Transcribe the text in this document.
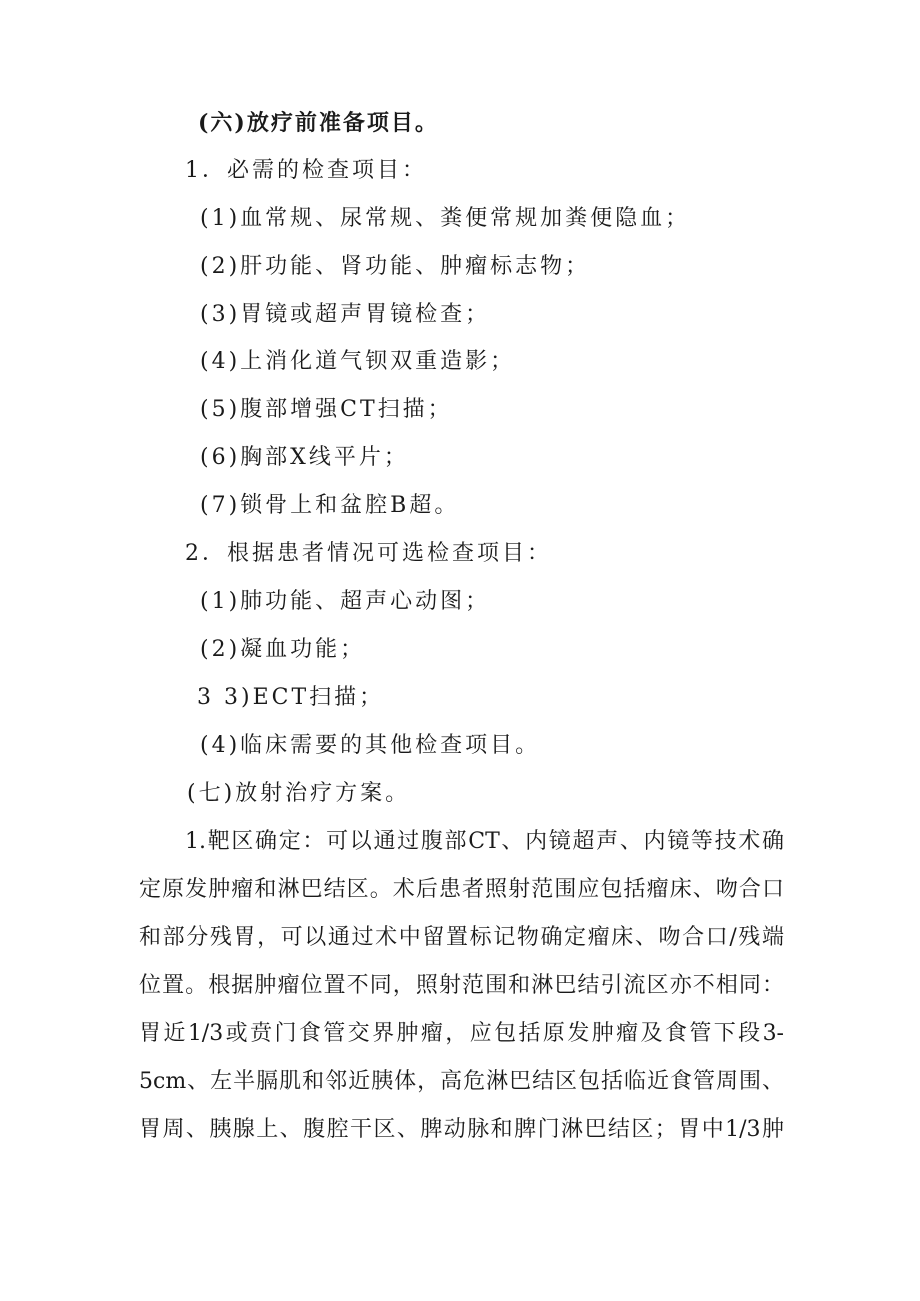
(六)放疗前准备项目。
1．必需的检查项目：
(1)血常规、尿常规、粪便常规加粪便隐血；
(2)肝功能、肾功能、肿瘤标志物；
(3)胃镜或超声胃镜检查；
(4)上消化道气钡双重造影；
(5)腹部增强CT扫描；
(6)胸部X线平片；
(7)锁骨上和盆腔B超。
2．根据患者情况可选检查项目：
(1)肺功能、超声心动图；
(2)凝血功能；
3 3)ECT扫描；
(4)临床需要的其他检查项目。
(七)放射治疗方案。
1.靶区确定：可以通过腹部CT、内镜超声、内镜等技术确
定原发肿瘤和淋巴结区。术后患者照射范围应包括瘤床、吻合口
和部分残胃，可以通过术中留置标记物确定瘤床、吻合口/残端
位置。根据肿瘤位置不同，照射范围和淋巴结引流区亦不相同：
胃近1/3或贲门食管交界肿瘤，应包括原发肿瘤及食管下段3-
5cm、左半膈肌和邻近胰体，高危淋巴结区包括临近食管周围、
胃周、胰腺上、腹腔干区、脾动脉和脾门淋巴结区；胃中1/3肿
